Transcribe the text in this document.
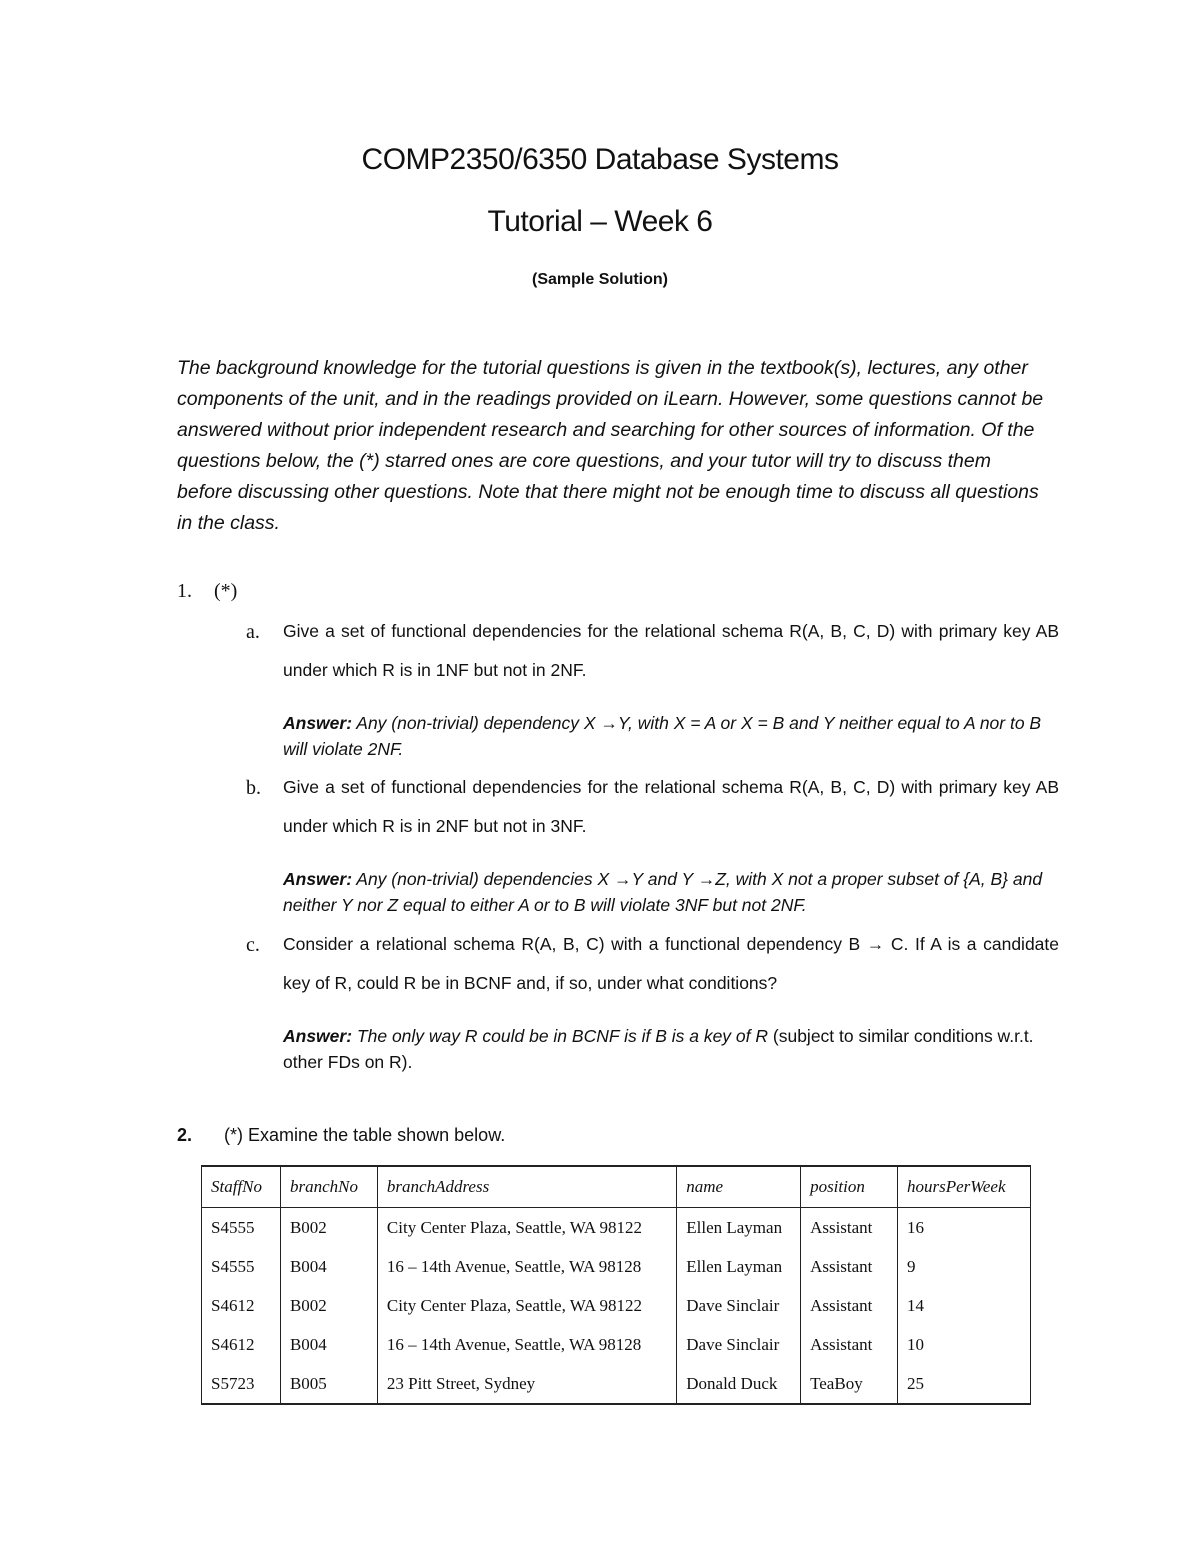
COMP2350/6350 Database Systems
Tutorial – Week 6
(Sample Solution)
The background knowledge for the tutorial questions is given in the textbook(s), lectures, any other components of the unit, and in the readings provided on iLearn. However, some questions cannot be answered without prior independent research and searching for other sources of information. Of the questions below, the (*) starred ones are core questions, and your tutor will try to discuss them before discussing other questions. Note that there might not be enough time to discuss all questions in the class.
1. (*)
a. Give a set of functional dependencies for the relational schema R(A, B, C, D) with primary key AB under which R is in 1NF but not in 2NF.
Answer: Any (non-trivial) dependency X →Y, with X = A or X = B and Y neither equal to A nor to B will violate 2NF.
b. Give a set of functional dependencies for the relational schema R(A, B, C, D) with primary key AB under which R is in 2NF but not in 3NF.
Answer: Any (non-trivial) dependencies X →Y and Y →Z, with X not a proper subset of {A, B} and neither Y nor Z equal to either A or to B will violate 3NF but not 2NF.
c. Consider a relational schema R(A, B, C) with a functional dependency B → C. If A is a candidate key of R, could R be in BCNF and, if so, under what conditions?
Answer: The only way R could be in BCNF is if B is a key of R (subject to similar conditions w.r.t. other FDs on R).
2. (*) Examine the table shown below.
StaffNo	branchNo	branchAddress	name	position	hoursPerWeek
S4555	B002	City Center Plaza, Seattle, WA 98122	Ellen Layman	Assistant	16
S4555	B004	16 – 14th Avenue, Seattle, WA 98128	Ellen Layman	Assistant	9
S4612	B002	City Center Plaza, Seattle, WA 98122	Dave Sinclair	Assistant	14
S4612	B004	16 – 14th Avenue, Seattle, WA 98128	Dave Sinclair	Assistant	10
S5723	B005	23 Pitt Street, Sydney	Donald Duck	TeaBoy	25
